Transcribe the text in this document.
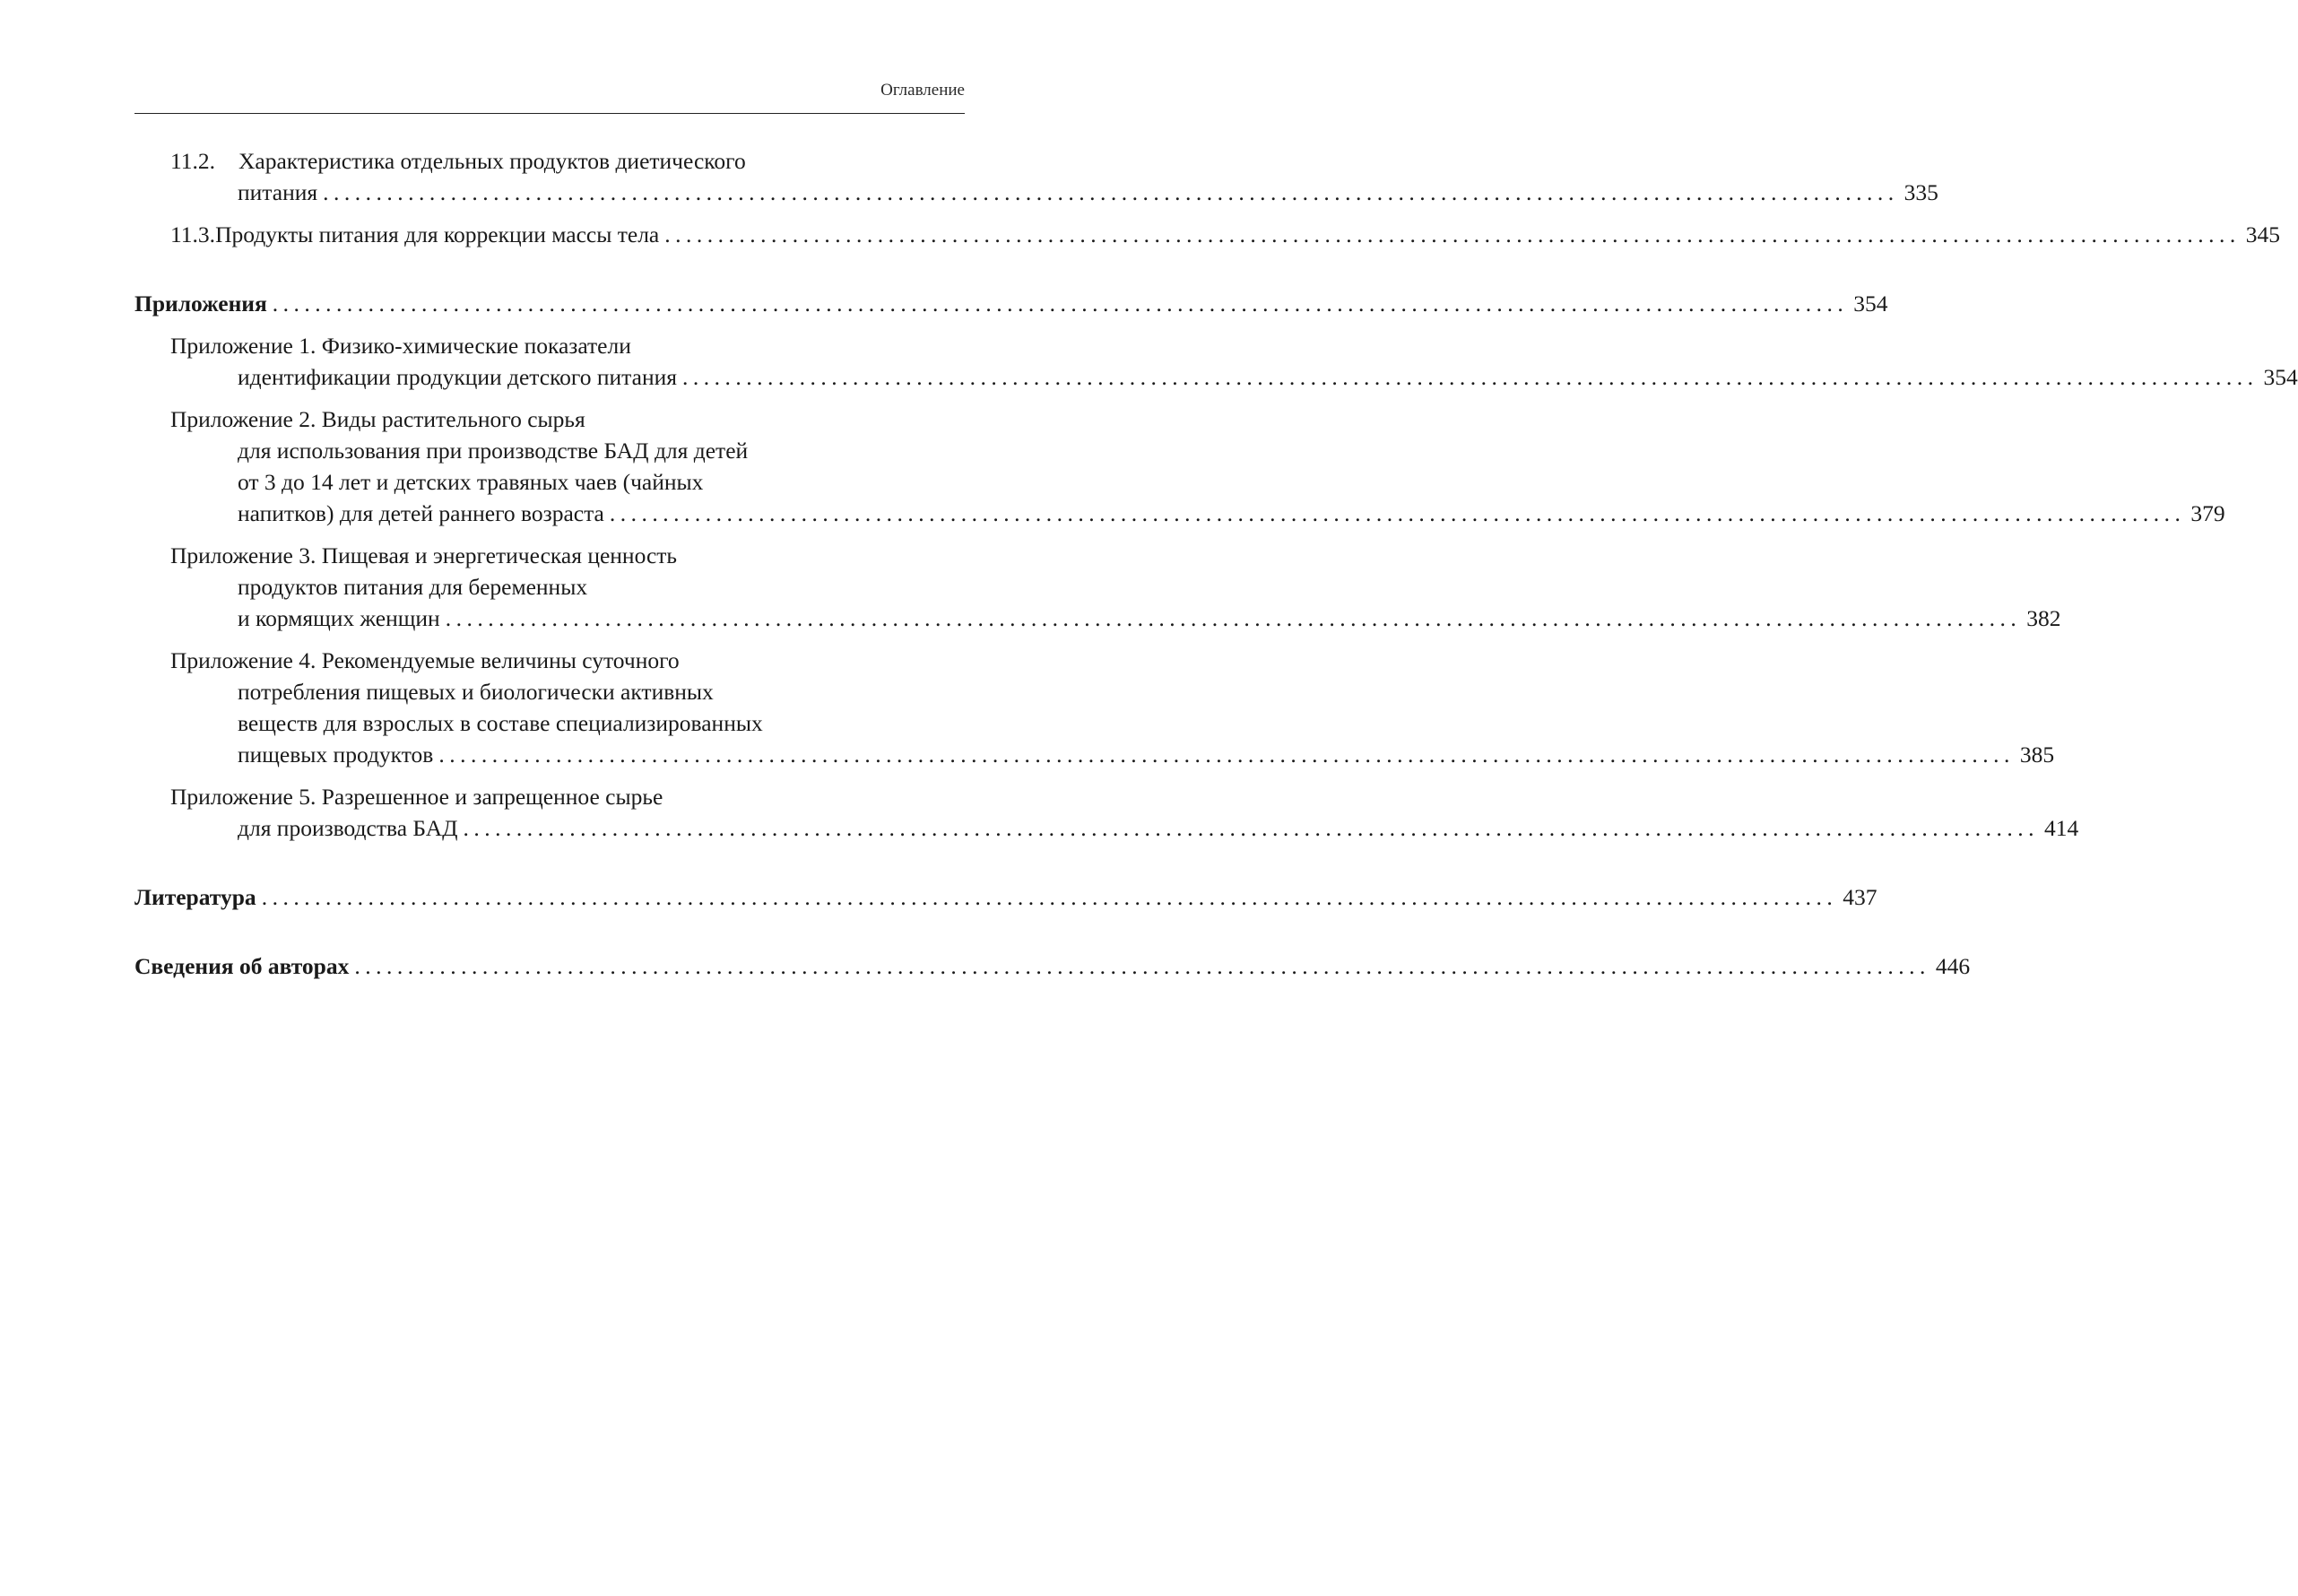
Оглавление
11.2. Характеристика отдельных продуктов диетического
питания .................................................................................................................................................... 335
11.3. Продукты питания для коррекции массы тела .................................................................................................................................................... 345
Приложения .................................................................................................................................................... 354
Приложение 1. Физико-химические показатели
идентификации продукции детского питания .................................................................................................................................................... 354
Приложение 2. Виды растительного сырья
для использования при производстве БАД для детей
от 3 до 14 лет и детских травяных чаев (чайных
напитков) для детей раннего возраста .................................................................................................................................................... 379
Приложение 3. Пищевая и энергетическая ценность
продуктов питания для беременных
и кормящих женщин .................................................................................................................................................... 382
Приложение 4. Рекомендуемые величины суточного
потребления пищевых и биологически активных
веществ для взрослых в составе специализированных
пищевых продуктов .................................................................................................................................................... 385
Приложение 5. Разрешенное и запрещенное сырье
для производства БАД .................................................................................................................................................... 414
Литература .................................................................................................................................................... 437
Сведения об авторах .................................................................................................................................................... 446
